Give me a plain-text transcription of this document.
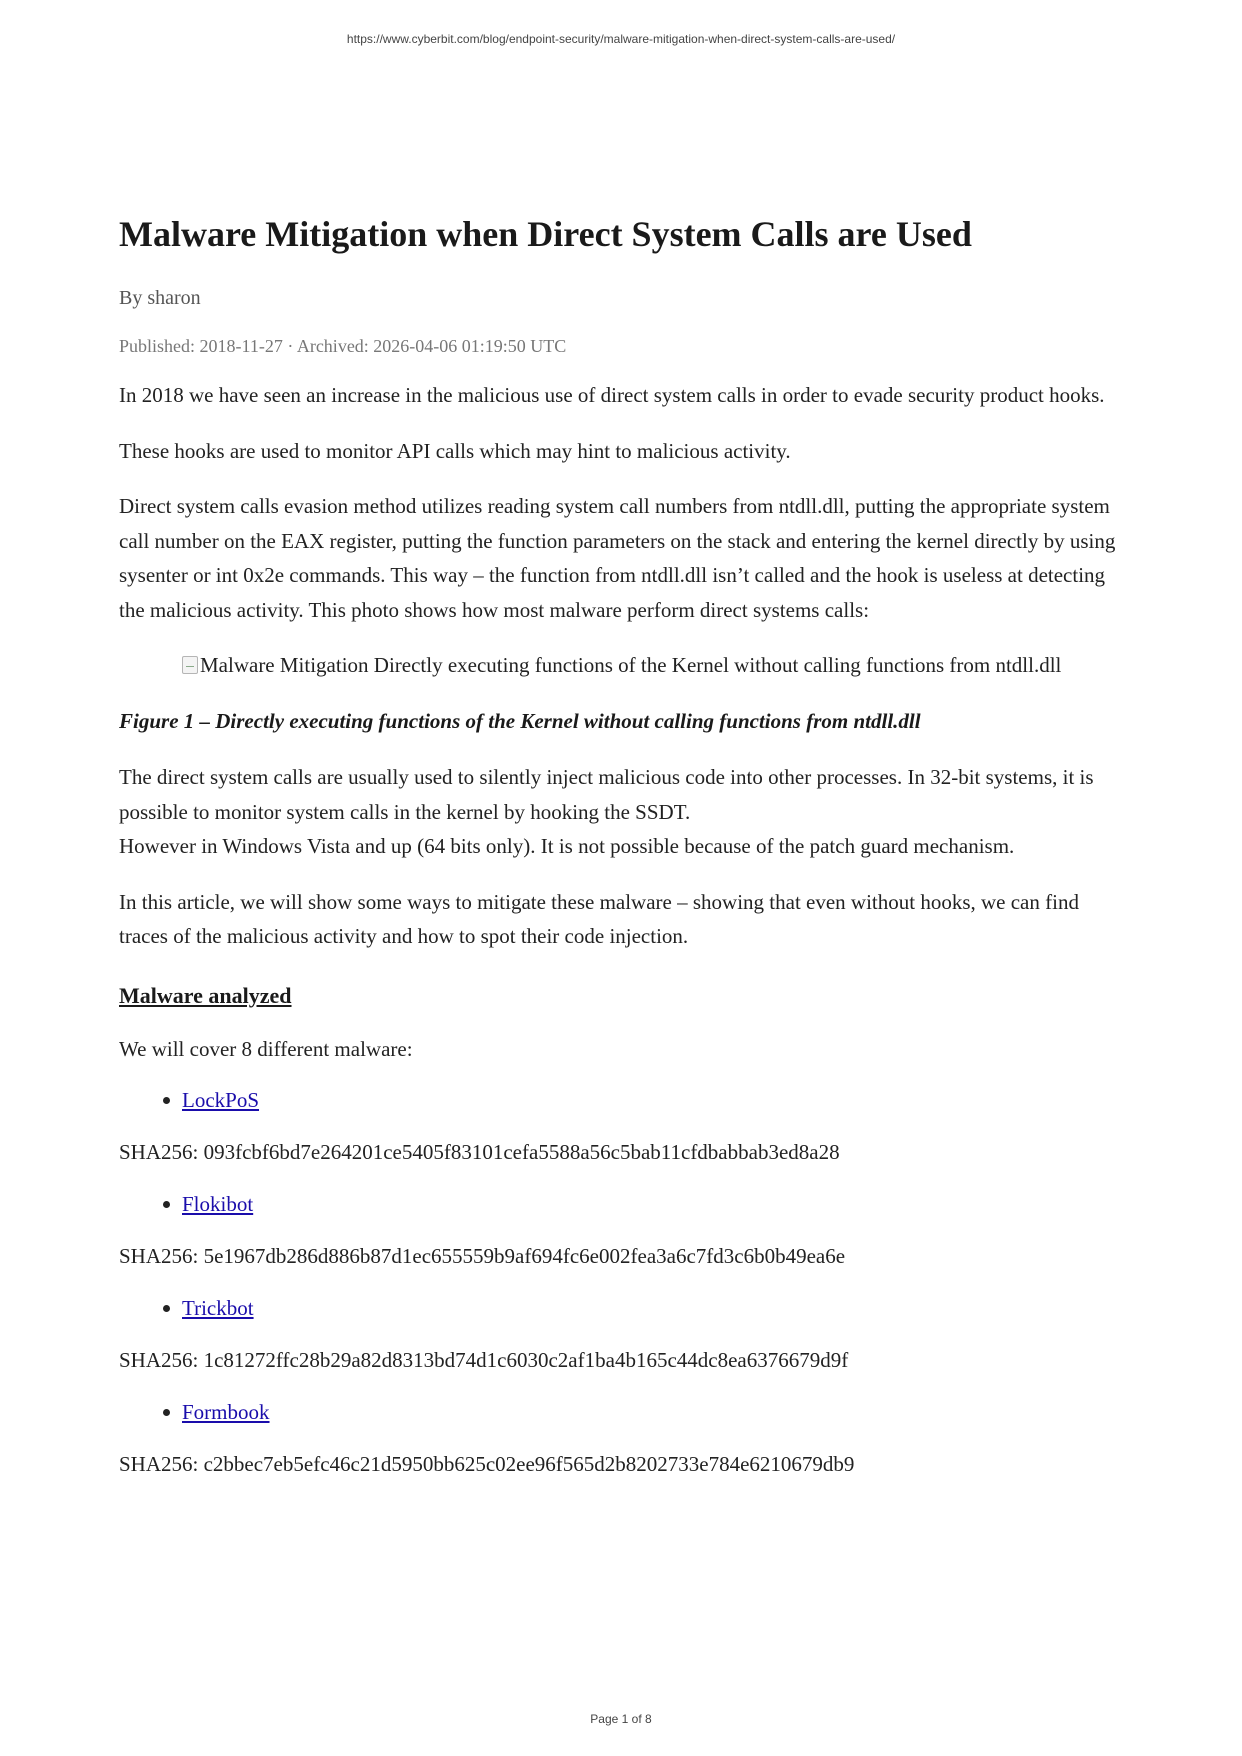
https://www.cyberbit.com/blog/endpoint-security/malware-mitigation-when-direct-system-calls-are-used/
Malware Mitigation when Direct System Calls are Used
By sharon
Published: 2018-11-27 · Archived: 2026-04-06 01:19:50 UTC

In 2018 we have seen an increase in the malicious use of direct system calls in order to evade security product hooks.

These hooks are used to monitor API calls which may hint to malicious activity.

Direct system calls evasion method utilizes reading system call numbers from ntdll.dll, putting the appropriate system call number on the EAX register, putting the function parameters on the stack and entering the kernel directly by using sysenter or int 0x2e commands. This way – the function from ntdll.dll isn’t called and the hook is useless at detecting the malicious activity. This photo shows how most malware perform direct systems calls:

Malware Mitigation Directly executing functions of the Kernel without calling functions from ntdll.dll
Figure 1 – Directly executing functions of the Kernel without calling functions from ntdll.dll

The direct system calls are usually used to silently inject malicious code into other processes. In 32-bit systems, it is possible to monitor system calls in the kernel by hooking the SSDT.
However in Windows Vista and up (64 bits only). It is not possible because of the patch guard mechanism.

In this article, we will show some ways to mitigate these malware – showing that even without hooks, we can find traces of the malicious activity and how to spot their code injection.

Malware analyzed

We will cover 8 different malware:

LockPoS
SHA256: 093fcbf6bd7e264201ce5405f83101cefa5588a56c5bab11cfdbabbab3ed8a28
Flokibot
SHA256: 5e1967db286d886b87d1ec655559b9af694fc6e002fea3a6c7fd3c6b0b49ea6e
Trickbot
SHA256: 1c81272ffc28b29a82d8313bd74d1c6030c2af1ba4b165c44dc8ea6376679d9f
Formbook
SHA256: c2bbec7eb5efc46c21d5950bb625c02ee96f565d2b8202733e784e6210679db9
Page 1 of 8
